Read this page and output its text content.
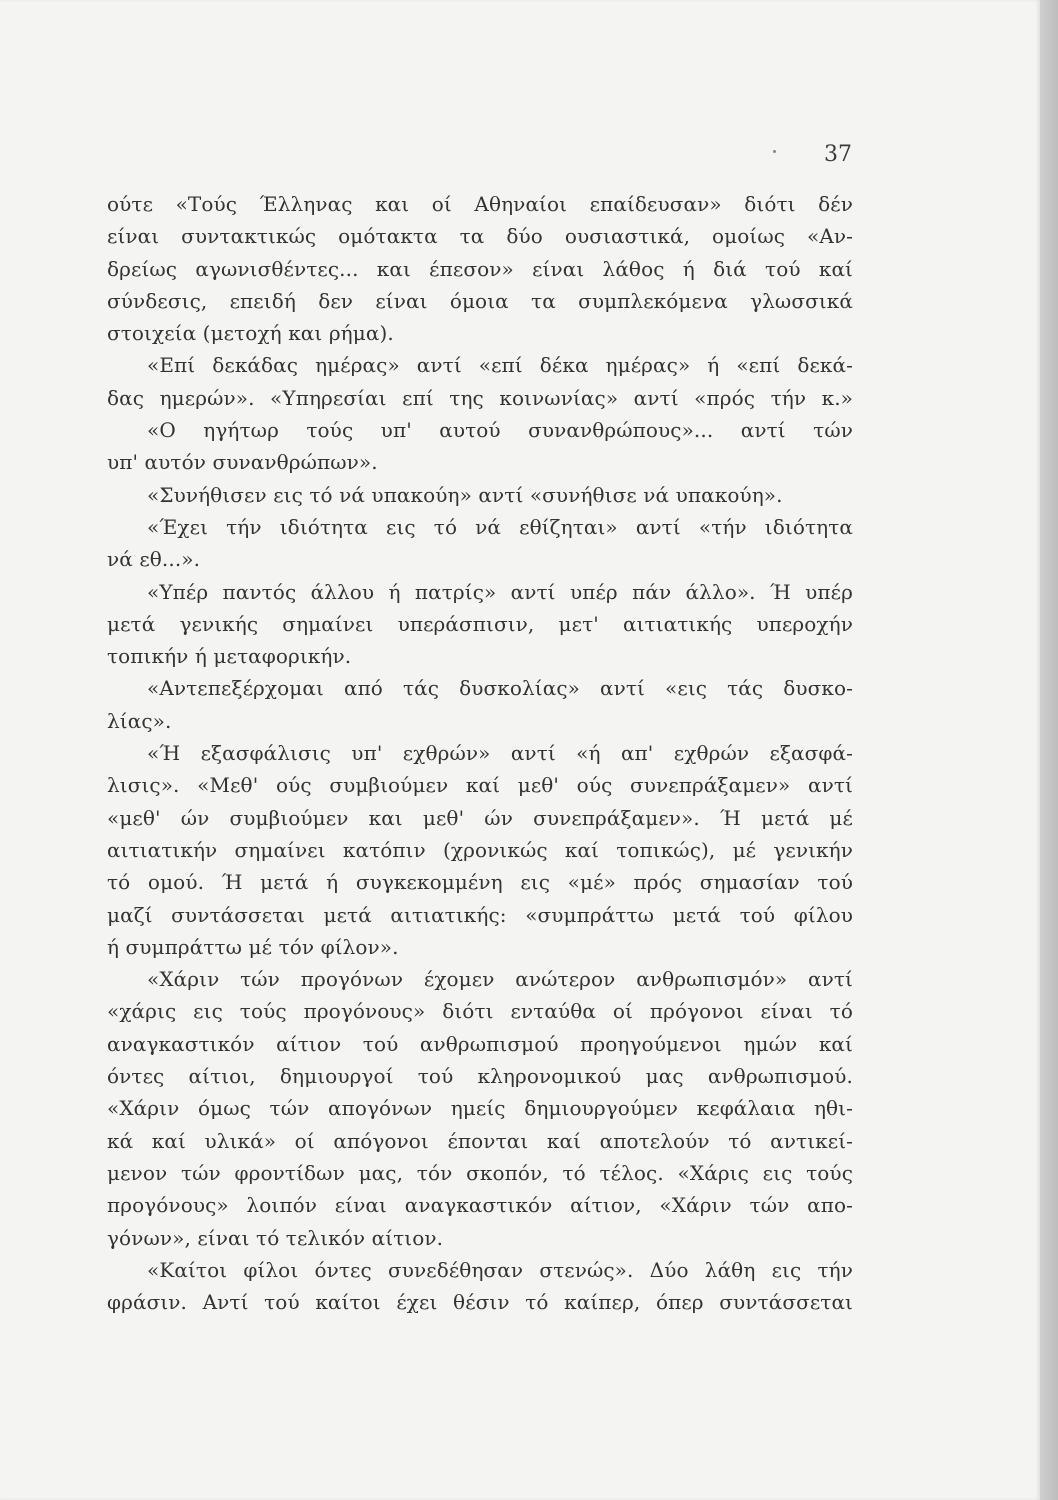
37
ούτε «Τούς Έλληνας και οί Αθηναίοι επαίδευσαν» διότι δέν
είναι συντακτικώς ομότακτα τα δύο ουσιαστικά, ομοίως «Αν-
δρείως αγωνισθέντες... και έπεσον» είναι λάθος ή διά τού καί
σύνδεσις, επειδή δεν είναι όμοια τα συμπλεκόμενα γλωσσικά
στοιχεία (μετοχή και ρήμα).
«Επί δεκάδας ημέρας» αντί «επί δέκα ημέρας» ή «επί δεκά-
δας ημερών». «Υπηρεσίαι επί της κοινωνίας» αντί «πρός τήν κ.»
«Ο ηγήτωρ τούς υπ' αυτού συνανθρώπους»... αντί τών
υπ' αυτόν συνανθρώπων».
«Συνήθισεν εις τό νά υπακούη» αντί «συνήθισε νά υπακούη».
«Έχει τήν ιδιότητα εις τό νά εθίζηται» αντί «τήν ιδιότητα
νά εθ...».
«Υπέρ παντός άλλου ή πατρίς» αντί υπέρ πάν άλλο». Ή υπέρ
μετά γενικής σημαίνει υπεράσπισιν, μετ' αιτιατικής υπεροχήν
τοπικήν ή μεταφορικήν.
«Αντεπεξέρχομαι από τάς δυσκολίας» αντί «εις τάς δυσκο-
λίας».
«Ή εξασφάλισις υπ' εχθρών» αντί «ή απ' εχθρών εξασφά-
λισις». «Μεθ' ούς συμβιούμεν καί μεθ' ούς συνεπράξαμεν» αντί
«μεθ' ών συμβιούμεν και μεθ' ών συνεπράξαμεν». Ή μετά μέ
αιτιατικήν σημαίνει κατόπιν (χρονικώς καί τοπικώς), μέ γενικήν
τό ομού. Ή μετά ή συγκεκομμένη εις «μέ» πρός σημασίαν τού
μαζί συντάσσεται μετά αιτιατικής: «συμπράττω μετά τού φίλου
ή συμπράττω μέ τόν φίλον».
«Χάριν τών προγόνων έχομεν ανώτερον ανθρωπισμόν» αντί
«χάρις εις τούς προγόνους» διότι ενταύθα οί πρόγονοι είναι τό
αναγκαστικόν αίτιον τού ανθρωπισμού προηγούμενοι ημών καί
όντες αίτιοι, δημιουργοί τού κληρονομικού μας ανθρωπισμού.
«Χάριν όμως τών απογόνων ημείς δημιουργούμεν κεφάλαια ηθι-
κά καί υλικά» οί απόγονοι έπονται καί αποτελούν τό αντικεί-
μενον τών φροντίδων μας, τόν σκοπόν, τό τέλος. «Χάρις εις τούς
προγόνους» λοιπόν είναι αναγκαστικόν αίτιον, «Χάριν τών απο-
γόνων», είναι τό τελικόν αίτιον.
«Καίτοι φίλοι όντες συνεδέθησαν στενώς». Δύο λάθη εις τήν
φράσιν. Αντί τού καίτοι έχει θέσιν τό καίπερ, όπερ συντάσσεται
